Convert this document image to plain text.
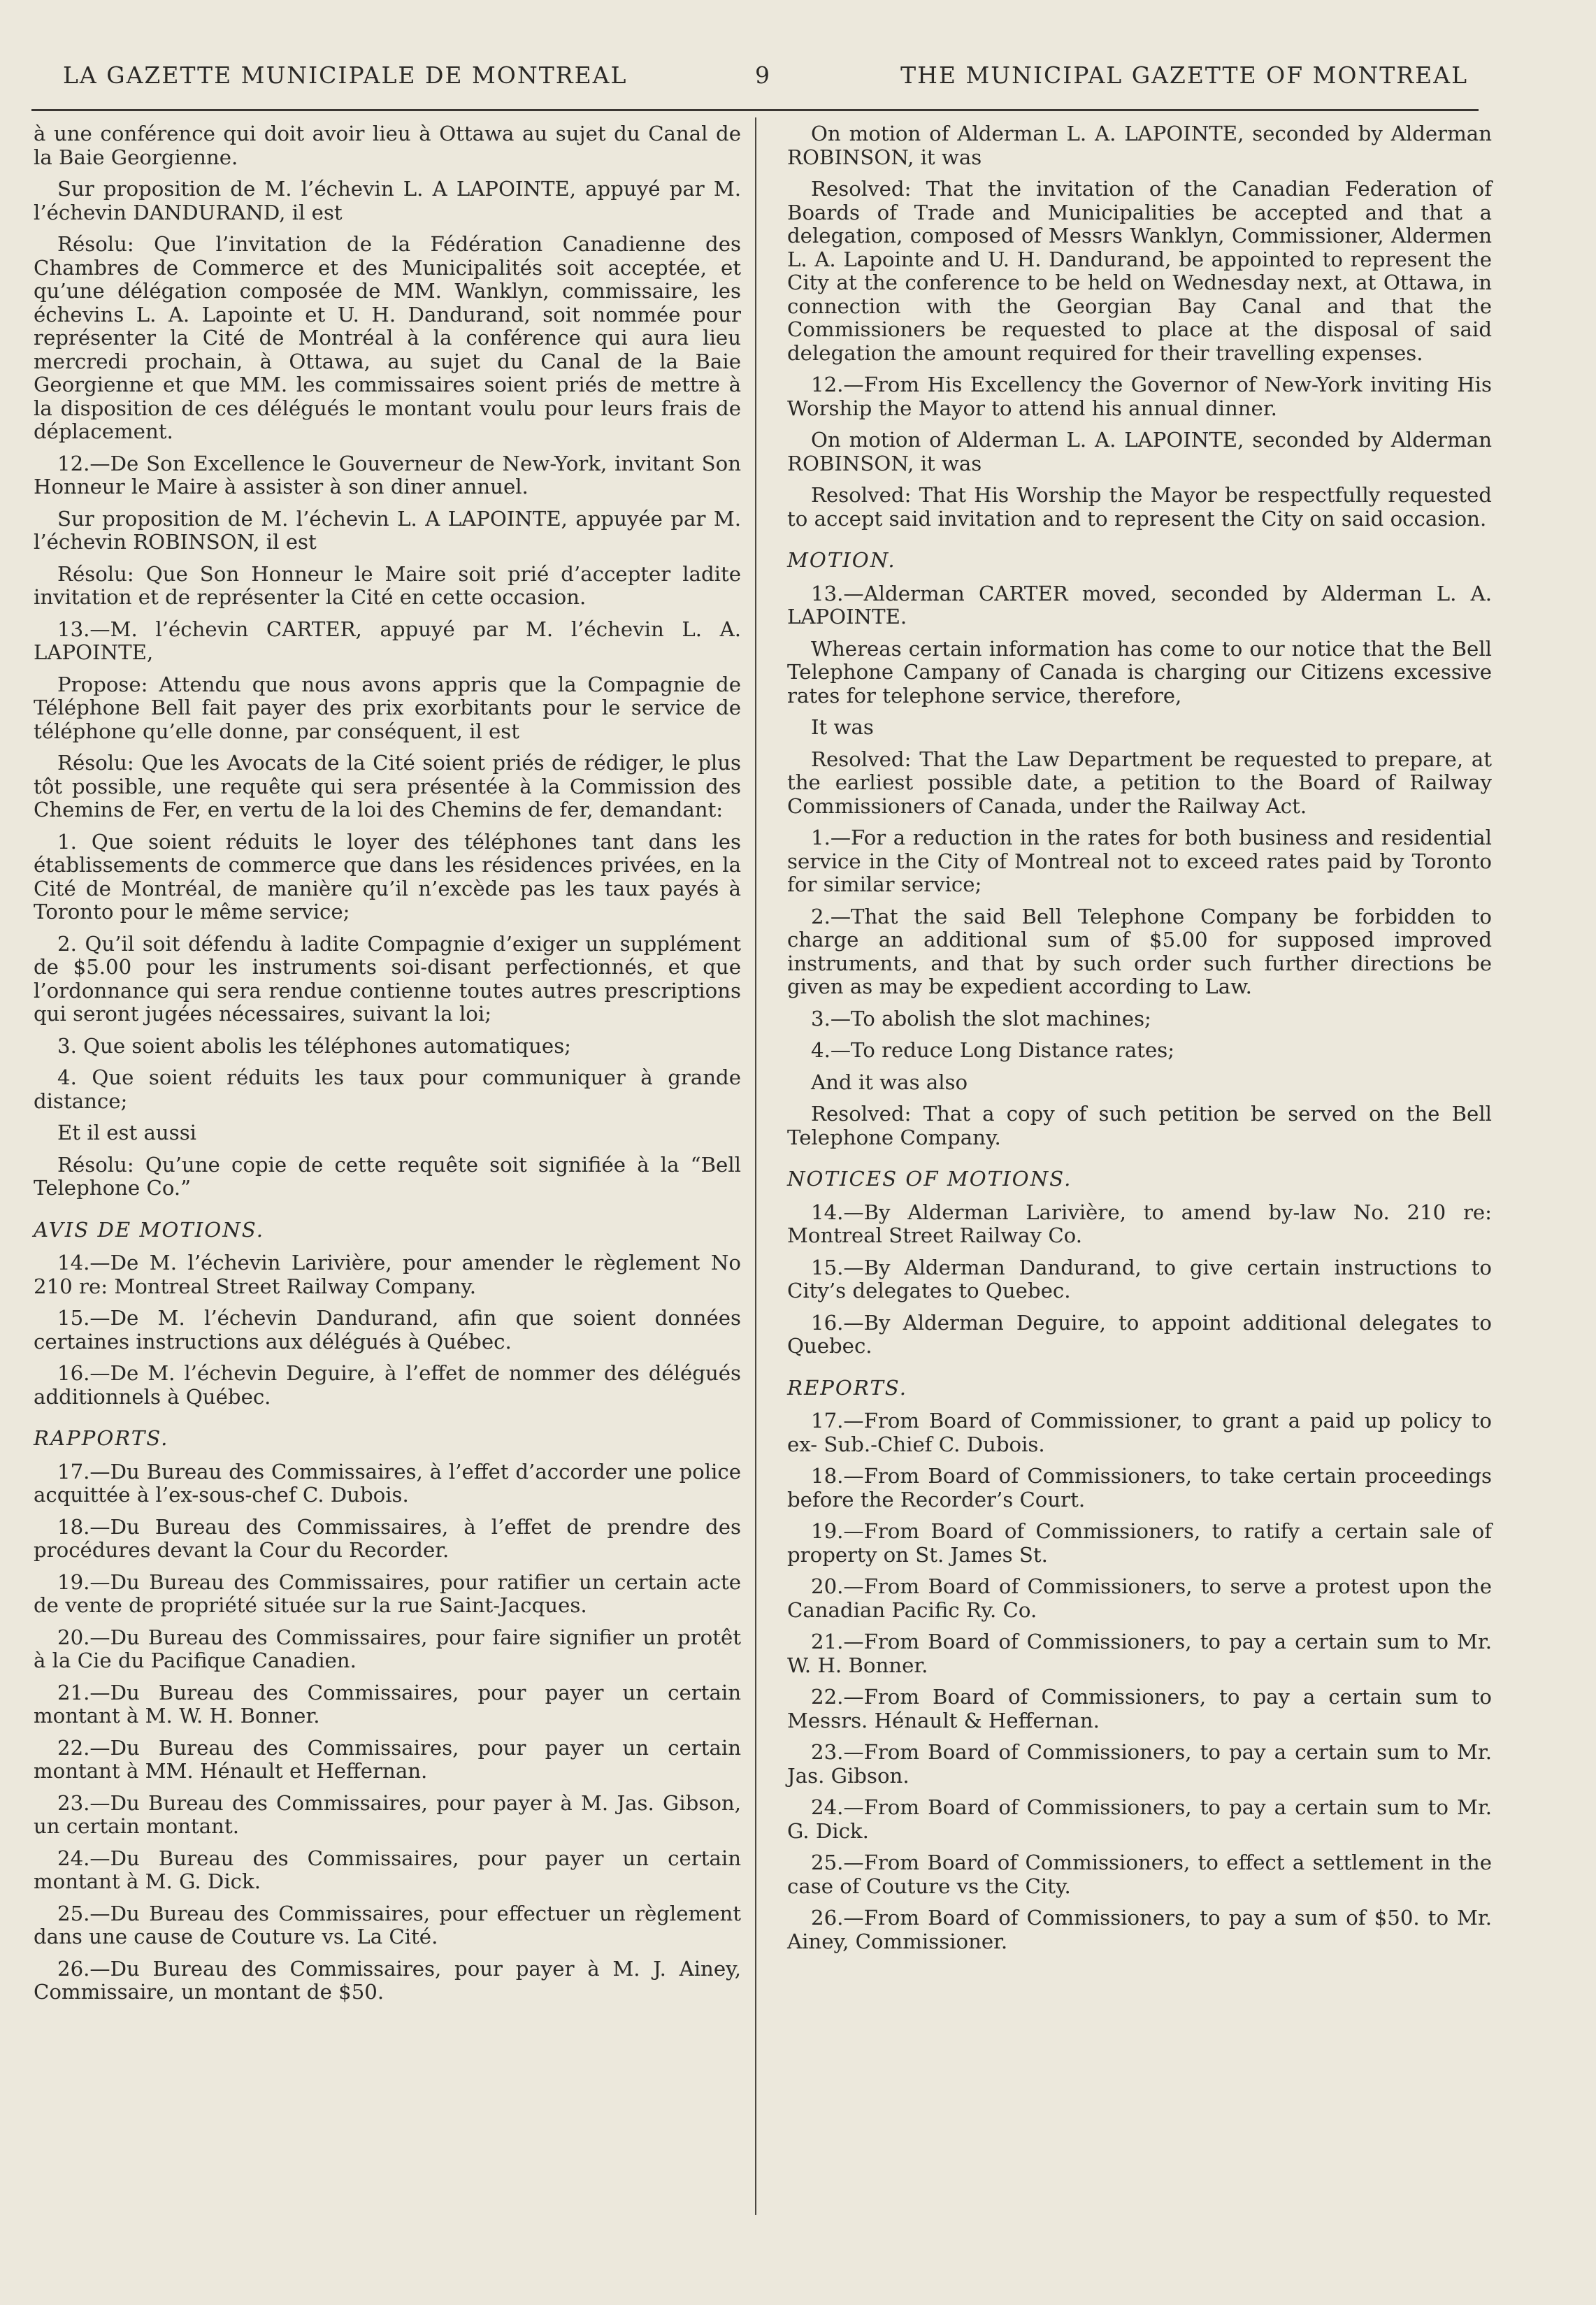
LA GAZETTE MUNICIPALE DE MONTREAL	9	THE MUNICIPAL GAZETTE OF MONTREAL
à une conférence qui doit avoir lieu à Ottawa au sujet du Canal de la Baie Georgienne.
Sur proposition de M. l’échevin L. A LAPOINTE, appuyé par M. l’échevin DANDURAND, il est
Résolu: Que l’invitation de la Fédération Canadienne des Chambres de Commerce et des Municipalités soit acceptée, et qu’une délégation composée de MM. Wanklyn, commissaire, les échevins L. A. Lapointe et U. H. Dandurand, soit nommée pour représenter la Cité de Montréal à la conférence qui aura lieu mercredi prochain, à Ottawa, au sujet du Canal de la Baie Georgienne et que MM. les commissaires soient priés de mettre à la disposition de ces délégués le montant voulu pour leurs frais de déplacement.
12.—De Son Excellence le Gouverneur de New-York, invitant Son Honneur le Maire à assister à son diner annuel.
Sur proposition de M. l’échevin L. A LAPOINTE, appuyée par M. l’échevin ROBINSON, il est
Résolu: Que Son Honneur le Maire soit prié d’accepter ladite invitation et de représenter la Cité en cette occasion.
13.—M. l’échevin CARTER, appuyé par M. l’échevin L. A. LAPOINTE,
Propose: Attendu que nous avons appris que la Compagnie de Téléphone Bell fait payer des prix exorbitants pour le service de téléphone qu’elle donne, par conséquent, il est
Résolu: Que les Avocats de la Cité soient priés de rédiger, le plus tôt possible, une requête qui sera présentée à la Commission des Chemins de Fer, en vertu de la loi des Chemins de fer, demandant:
1. Que soient réduits le loyer des téléphones tant dans les établissements de commerce que dans les résidences privées, en la Cité de Montréal, de manière qu’il n’excède pas les taux payés à Toronto pour le même service;
2. Qu’il soit défendu à ladite Compagnie d’exiger un supplément de $5.00 pour les instruments soi-disant perfectionnés, et que l’ordonnance qui sera rendue contienne toutes autres prescriptions qui seront jugées nécessaires, suivant la loi;
3. Que soient abolis les téléphones automatiques;
4. Que soient réduits les taux pour communiquer à grande distance;
Et il est aussi
Résolu: Qu’une copie de cette requête soit signifiée à la “Bell Telephone Co.”
AVIS DE MOTIONS.
14.—De M. l’échevin Larivière, pour amender le règlement No 210 re: Montreal Street Railway Company.
15.—De M. l’échevin Dandurand, afin que soient données certaines instructions aux délégués à Québec.
16.—De M. l’échevin Deguire, à l’effet de nommer des délégués additionnels à Québec.
RAPPORTS.
17.—Du Bureau des Commissaires, à l’effet d’accorder une police acquittée à l’ex-sous-chef C. Dubois.
18.—Du Bureau des Commissaires, à l’effet de prendre des procédures devant la Cour du Recorder.
19.—Du Bureau des Commissaires, pour ratifier un certain acte de vente de propriété située sur la rue Saint-Jacques.
20.—Du Bureau des Commissaires, pour faire signifier un protêt à la Cie du Pacifique Canadien.
21.—Du Bureau des Commissaires, pour payer un certain montant à M. W. H. Bonner.
22.—Du Bureau des Commissaires, pour payer un certain montant à MM. Hénault et Heffernan.
23.—Du Bureau des Commissaires, pour payer à M. Jas. Gibson, un certain montant.
24.—Du Bureau des Commissaires, pour payer un certain montant à M. G. Dick.
25.—Du Bureau des Commissaires, pour effectuer un règlement dans une cause de Couture vs. La Cité.
26.—Du Bureau des Commissaires, pour payer à M. J. Ainey, Commissaire, un montant de $50.
On motion of Alderman L. A. LAPOINTE, seconded by Alderman ROBINSON, it was
Resolved: That the invitation of the Canadian Federation of Boards of Trade and Municipalities be accepted and that a delegation, composed of Messrs Wanklyn, Commissioner, Aldermen L. A. Lapointe and U. H. Dandurand, be appointed to represent the City at the conference to be held on Wednesday next, at Ottawa, in connection with the Georgian Bay Canal and that the Commissioners be requested to place at the disposal of said delegation the amount required for their travelling expenses.
12.—From His Excellency the Governor of New-York inviting His Worship the Mayor to attend his annual dinner.
On motion of Alderman L. A. LAPOINTE, seconded by Alderman ROBINSON, it was
Resolved: That His Worship the Mayor be respectfully requested to accept said invitation and to represent the City on said occasion.
MOTION.
13.—Alderman CARTER moved, seconded by Alderman L. A. LAPOINTE.
Whereas certain information has come to our notice that the Bell Telephone Campany of Canada is charging our Citizens excessive rates for telephone service, therefore,
It was
Resolved: That the Law Department be requested to prepare, at the earliest possible date, a petition to the Board of Railway Commissioners of Canada, under the Railway Act.
1.—For a reduction in the rates for both business and residential service in the City of Montreal not to exceed rates paid by Toronto for similar service;
2.—That the said Bell Telephone Company be forbidden to charge an additional sum of $5.00 for supposed improved instruments, and that by such order such further directions be given as may be expedient according to Law.
3.—To abolish the slot machines;
4.—To reduce Long Distance rates;
And it was also
Resolved: That a copy of such petition be served on the Bell Telephone Company.
NOTICES OF MOTIONS.
14.—By Alderman Larivière, to amend by-law No. 210 re: Montreal Street Railway Co.
15.—By Alderman Dandurand, to give certain instructions to City’s delegates to Quebec.
16.—By Alderman Deguire, to appoint additional delegates to Quebec.
REPORTS.
17.—From Board of Commissioner, to grant a paid up policy to ex- Sub.-Chief C. Dubois.
18.—From Board of Commissioners, to take certain proceedings before the Recorder’s Court.
19.—From Board of Commissioners, to ratify a certain sale of property on St. James St.
20.—From Board of Commissioners, to serve a protest upon the Canadian Pacific Ry. Co.
21.—From Board of Commissioners, to pay a certain sum to Mr. W. H. Bonner.
22.—From Board of Commissioners, to pay a certain sum to Messrs. Hénault & Heffernan.
23.—From Board of Commissioners, to pay a certain sum to Mr. Jas. Gibson.
24.—From Board of Commissioners, to pay a certain sum to Mr. G. Dick.
25.—From Board of Commissioners, to effect a settlement in the case of Couture vs the City.
26.—From Board of Commissioners, to pay a sum of $50. to Mr. Ainey, Commissioner.
